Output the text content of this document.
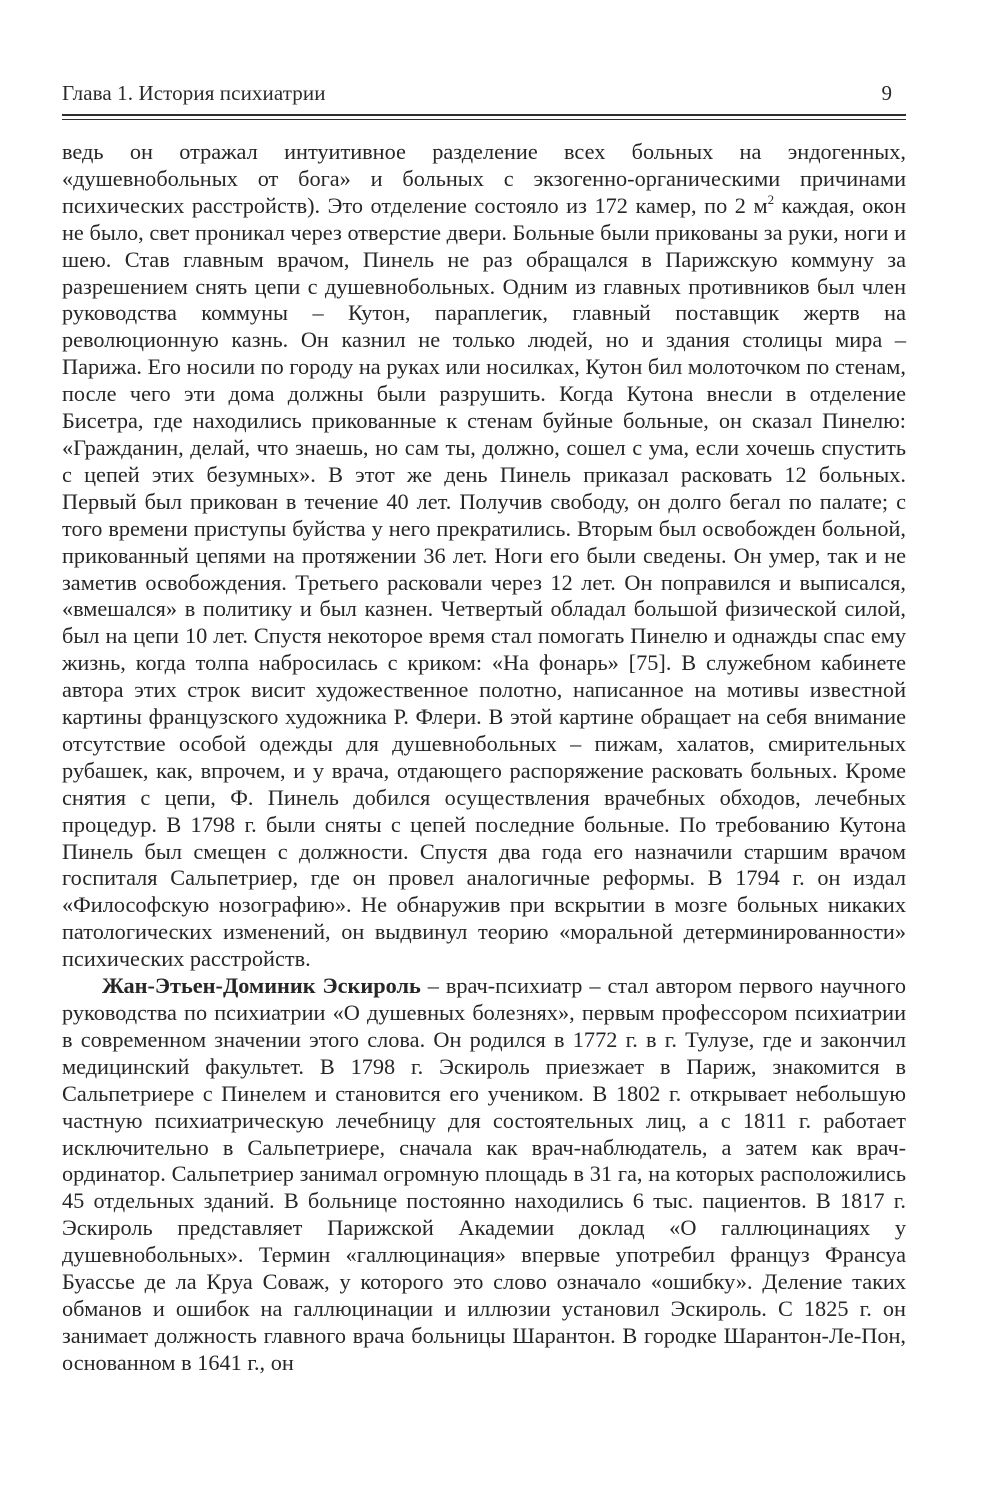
Глава 1. История психиатрии	9

ведь он отражал интуитивное разделение всех больных на эндогенных, «душевнобольных от бога» и больных с экзогенно-органическими причинами психических расстройств). Это отделение состояло из 172 камер, по 2 $м^2$ каждая, окон не было, свет проникал через отверстие двери. Больные были прикованы за руки, ноги и шею. Став главным врачом, Пинель не раз обращался в Парижскую коммуну за разрешением снять цепи с душевнобольных. Одним из главных противников был член руководства коммуны – Кутон, параплегик, главный поставщик жертв на революционную казнь. Он казнил не только людей, но и здания столицы мира – Парижа. Его носили по городу на руках или носилках, Кутон бил молоточком по стенам, после чего эти дома должны были разрушить. Когда Кутона внесли в отделение Бисетра, где находились прикованные к стенам буйные больные, он сказал Пинелю: «Гражданин, делай, что знаешь, но сам ты, должно, сошел с ума, если хочешь спустить с цепей этих безумных». В этот же день Пинель приказал расковать 12 больных. Первый был прикован в течение 40 лет. Получив свободу, он долго бегал по палате; с того времени приступы буйства у него прекратились. Вторым был освобожден больной, прикованный цепями на протяжении 36 лет. Ноги его были сведены. Он умер, так и не заметив освобождения. Третьего расковали через 12 лет. Он поправился и выписался, «вмешался» в политику и был казнен. Четвертый обладал большой физической силой, был на цепи 10 лет. Спустя некоторое время стал помогать Пинелю и однажды спас ему жизнь, когда толпа набросилась с криком: «На фонарь» [75]. В служебном кабинете автора этих строк висит художественное полотно, написанное на мотивы известной картины французского художника Р. Флери. В этой картине обращает на себя внимание отсутствие особой одежды для душевнобольных – пижам, халатов, смирительных рубашек, как, впрочем, и у врача, отдающего распоряжение расковать больных. Кроме снятия с цепи, Ф. Пинель добился осуществления врачебных обходов, лечебных процедур. В 1798 г. были сняты с цепей последние больные. По требованию Кутона Пинель был смещен с должности. Спустя два года его назначили старшим врачом госпиталя Сальпетриер, где он провел аналогичные реформы. В 1794 г. он издал «Философскую нозографию». Не обнаружив при вскрытии в мозге больных никаких патологических изменений, он выдвинул теорию «моральной детерминированности» психических расстройств.

Жан-Этьен-Доминик Эскироль – врач-психиатр – стал автором первого научного руководства по психиатрии «О душевных болезнях», первым профессором психиатрии в современном значении этого слова. Он родился в 1772 г. в г. Тулузе, где и закончил медицинский факультет. В 1798 г. Эскироль приезжает в Париж, знакомится в Сальпетриере с Пинелем и становится его учеником. В 1802 г. открывает небольшую частную психиатрическую лечебницу для состоятельных лиц, а с 1811 г. работает исключительно в Сальпетриере, сначала как врач-наблюдатель, а затем как врач-ординатор. Сальпетриер занимал огромную площадь в 31 га, на которых расположились 45 отдельных зданий. В больнице постоянно находились 6 тыс. пациентов. В 1817 г. Эскироль представляет Парижской Академии доклад «О галлюцинациях у душевнобольных». Термин «галлюцинация» впервые употребил француз Франсуа Буассье де ла Круа Соваж, у которого это слово означало «ошибку». Деление таких обманов и ошибок на галлюцинации и иллюзии установил Эскироль. С 1825 г. он занимает должность главного врача больницы Шарантон. В городке Шарантон-Ле-Пон, основанном в 1641 г., он
